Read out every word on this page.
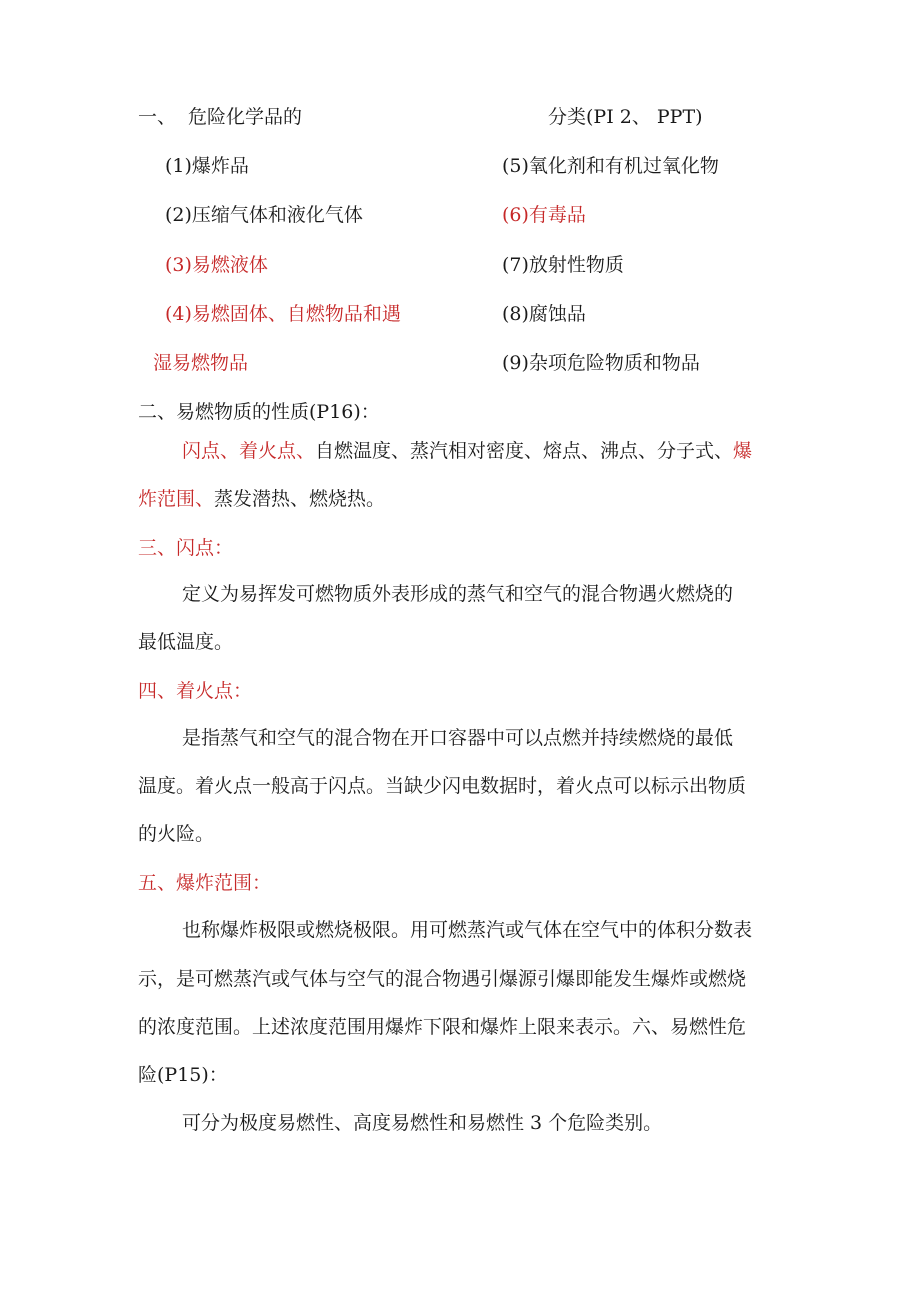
一、 危险化学品的	分类(PI 2、 PPT)
(1)爆炸品
(2)压缩气体和液化气体
(3)易燃液体
(4)易燃固体、自燃物品和遇
湿易燃物品
(5)氧化剂和有机过氧化物
(6)有毒品
(7)放射性物质
(8)腐蚀品
(9)杂项危险物质和物品
二、易燃物质的性质(P16)：
闪点、着火点、自燃温度、蒸汽相对密度、熔点、沸点、分子式、爆
炸范围、蒸发潜热、燃烧热。
三、闪点：
定义为易挥发可燃物质外表形成的蒸气和空气的混合物遇火燃烧的
最低温度。
四、着火点：
是指蒸气和空气的混合物在开口容器中可以点燃并持续燃烧的最低
温度。着火点一般高于闪点。当缺少闪电数据时，着火点可以标示出物质
的火险。
五、爆炸范围：
也称爆炸极限或燃烧极限。用可燃蒸汽或气体在空气中的体积分数表
示，是可燃蒸汽或气体与空气的混合物遇引爆源引爆即能发生爆炸或燃烧
的浓度范围。上述浓度范围用爆炸下限和爆炸上限来表示。六、易燃性危
险(P15)：
可分为极度易燃性、高度易燃性和易燃性 3 个危险类别。
